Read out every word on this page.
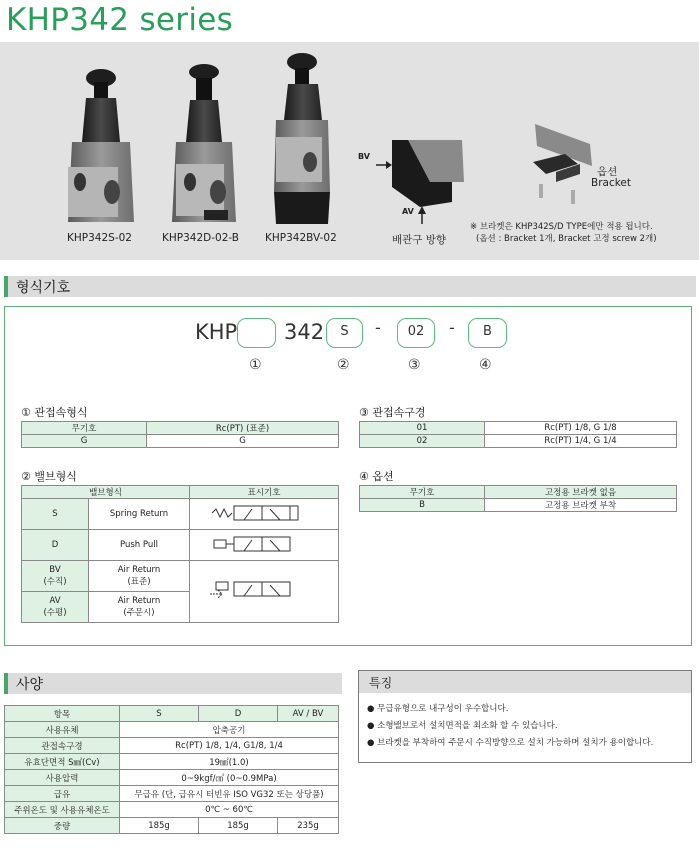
KHP342 series
KHP342S-02	KHP342D-02-B KHP342BV-02
BV
AV
배관구 방향
옵션
Bracket
※ 브라켓은 KHP342S/D TYPE에만 적용 됩니다.
(옵션 : Bracket 1개, Bracket 고정 screw 2개)
형식기호
KHP 342	S	-	02	-	B
①	②	③	④
① 관접속형식
무기호	Rc(PT) (표준)
G	G
③ 관접속구경
01	Rc(PT) 1/8, G 1/8
02	Rc(PT) 1/4, G 1/4
② 밸브형식
밸브형식		표시기호
S	Spring Return	
D	Push Pull	
BV
(수직)	Air Return
(표준)	
AV
(수평)	Air Return
(주문시)	
④ 옵션
무기호	고정용 브라켓 없음
B	고정용 브라켓 부착
사양
항목	S	D	AV / BV
사용유체	압축공기		
관접속구경	Rc(PT) 1/8, 1/4, G1/8, 1/4		
유효단면적 S㎟(Cv)	19㎟(1.0)		
사용압력	0~9kgf/㎠ (0~0.9MPa)		
급유	무급유 (단, 급유시 터빈유 ISO VG32 또는 상당품)		
주위온도 및 사용유체온도	0℃ ~ 60℃		
중량	185g	185g	235g
특징
● 무급유형으로 내구성이 우수합니다.
● 소형밸브로서 설치면적을 최소화 할 수 있습니다.
● 브라켓을 부착하여 주문시 수직방향으로 설치 가능하며 설치가 용이합니다.
